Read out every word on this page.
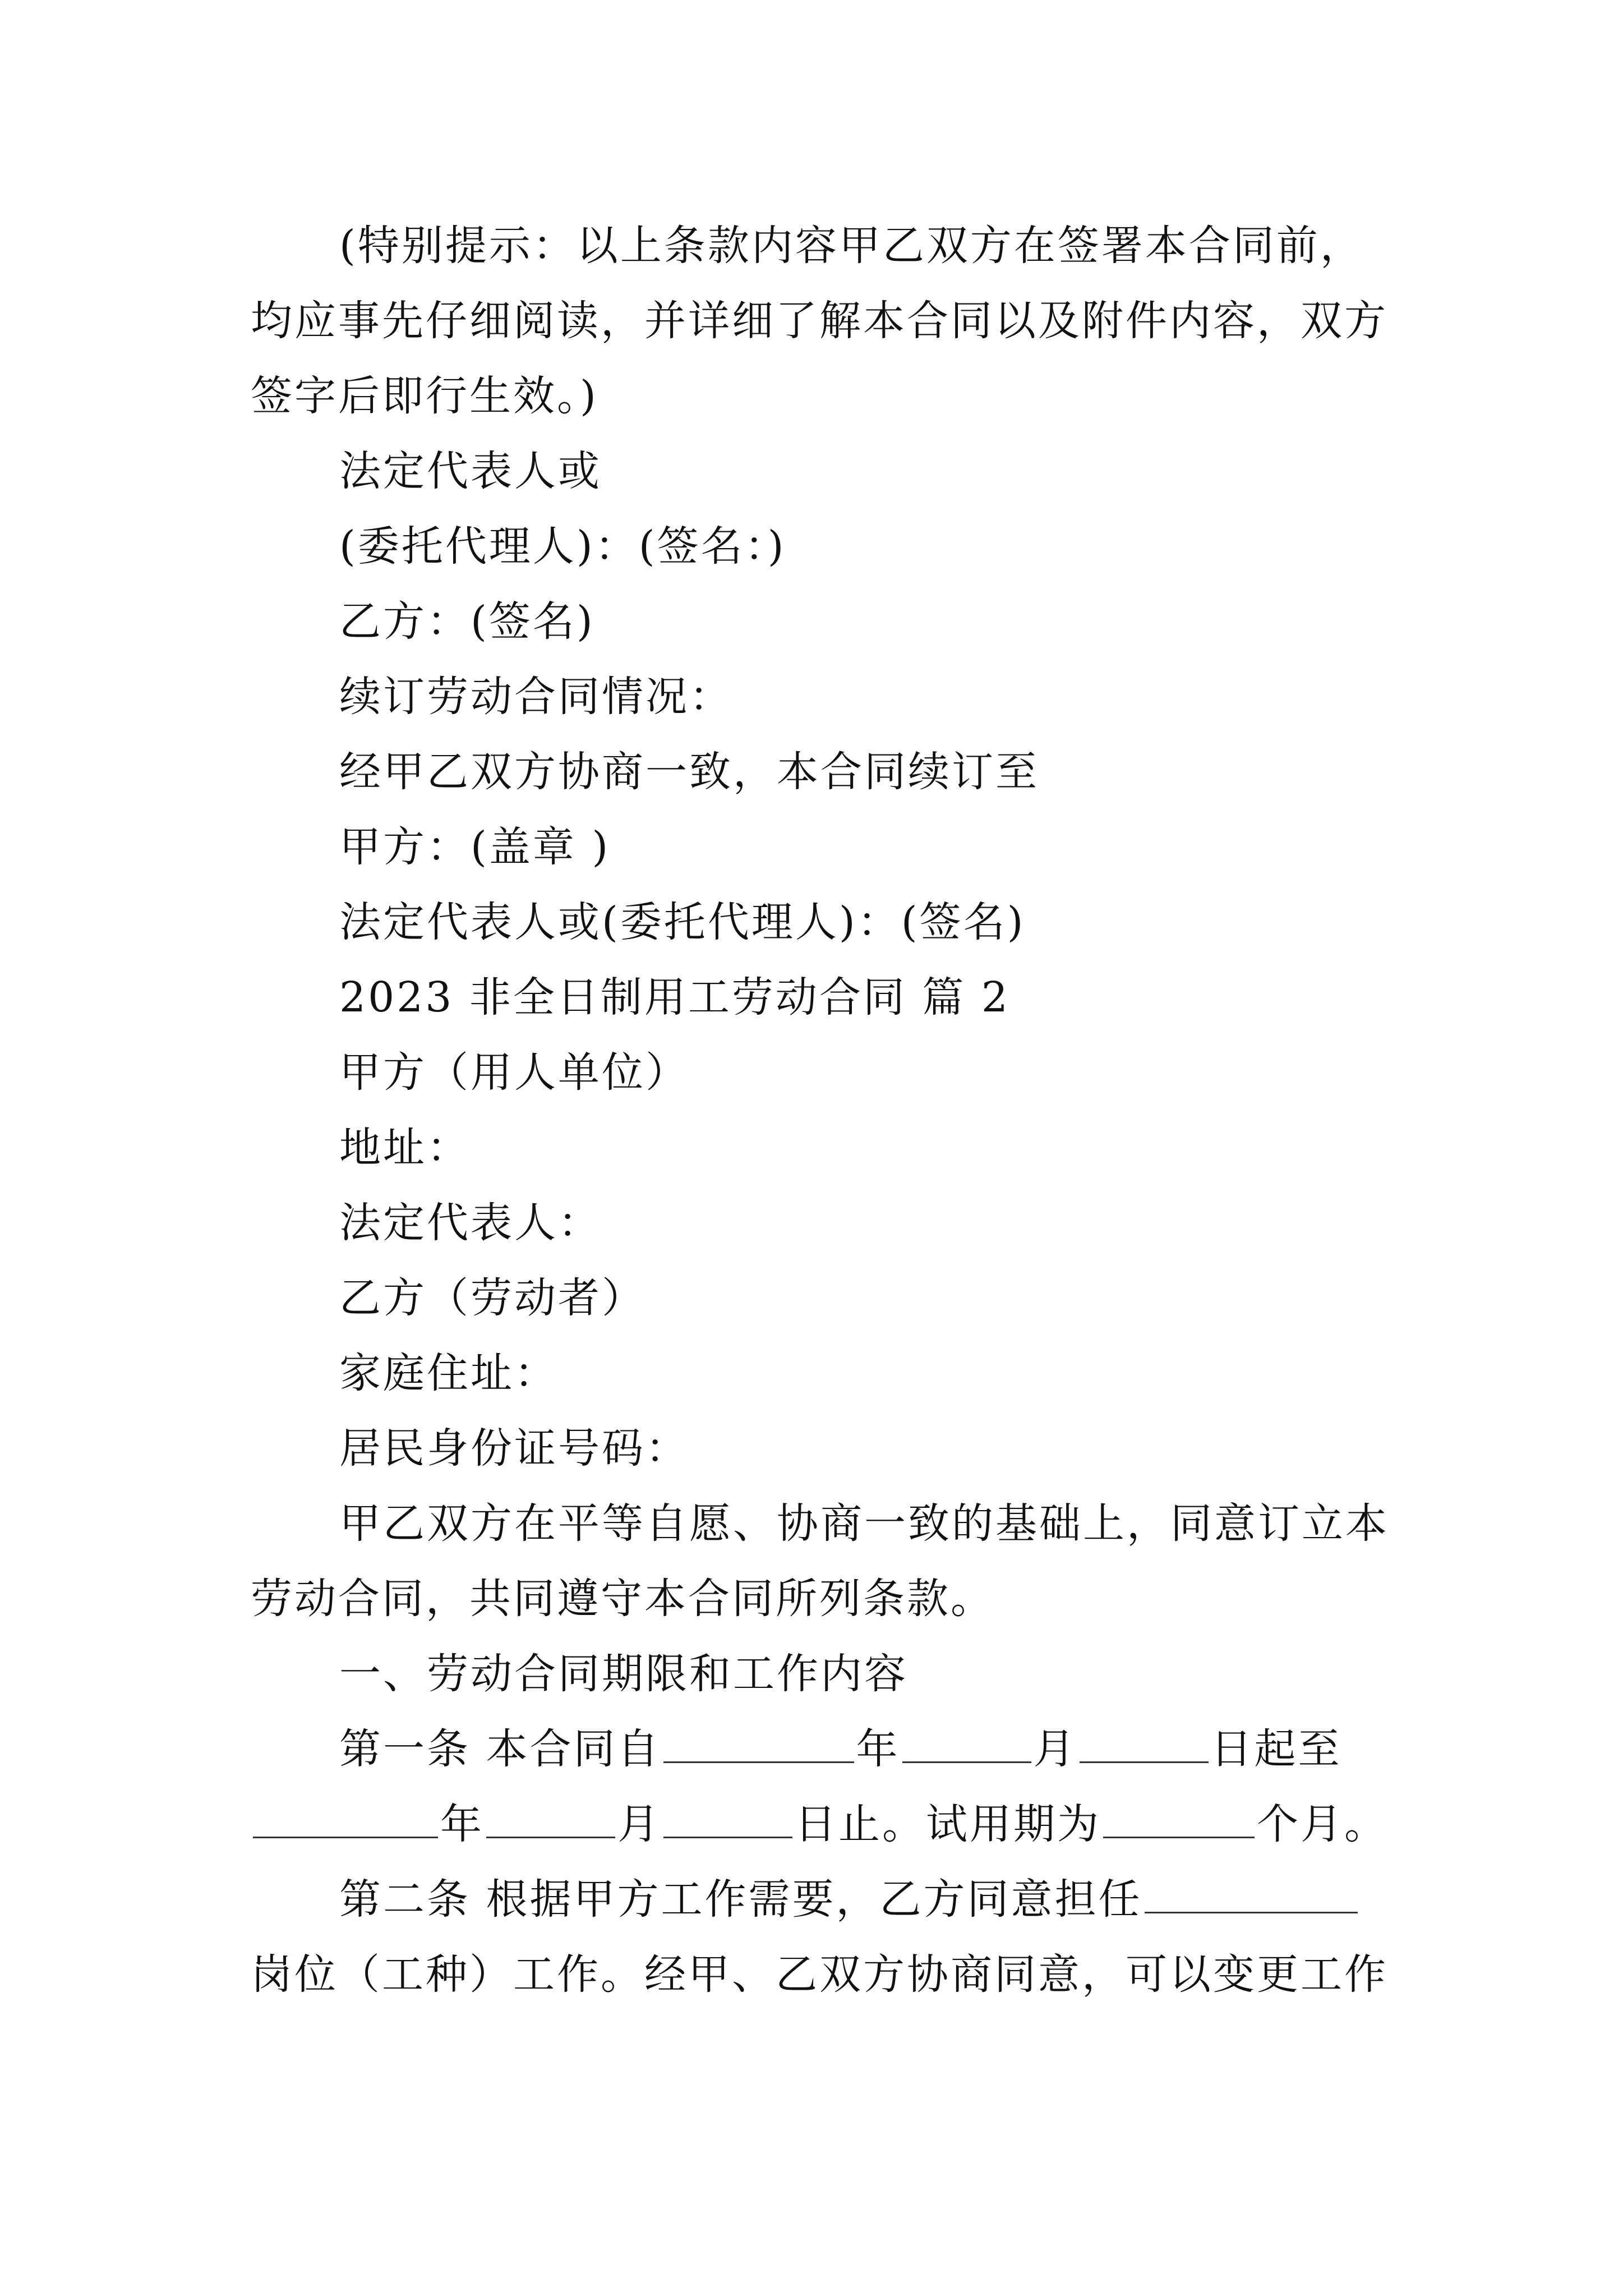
(特别提示：以上条款内容甲乙双方在签署本合同前，
均应事先仔细阅读，并详细了解本合同以及附件内容，双方
签字后即行生效。)
法定代表人或
(委托代理人)：(签名：)
乙方：(签名)
续订劳动合同情况：
经甲乙双方协商一致，本合同续订至
甲方：(盖章 )
法定代表人或(委托代理人)：(签名)
2023 非全日制用工劳动合同 篇 2
甲方（用人单位）
地址：
法定代表人：
乙方（劳动者）
家庭住址：
居民身份证号码：
甲乙双方在平等自愿、协商一致的基础上，同意订立本
劳动合同，共同遵守本合同所列条款。
一、劳动合同期限和工作内容
第一条 本合同自	年	月	日起至
年	月	日止。试用期为	个月。
第二条 根据甲方工作需要，乙方同意担任
岗位（工种）工作。经甲、乙双方协商同意，可以变更工作
